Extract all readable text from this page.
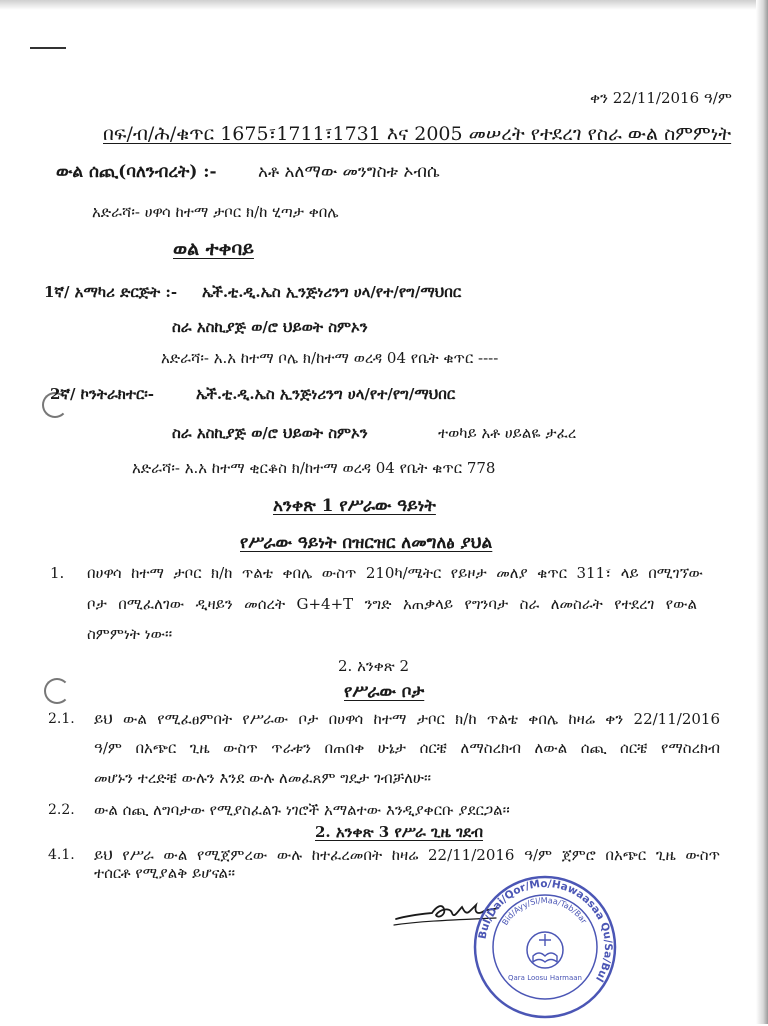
ቀን 22/11/2016 ዓ/ም
በፍ/ብ/ሕ/ቁጥር 1675፣1711፣1731 እና 2005 መሠረት የተደረገ የስራ ውል ስምምነት
ውል ሰጪ(ባለንብረት) :- አቶ አለማው መንግስቱ ኦብሴ
አድራሻ፡- ሀዋሳ ከተማ ታቦር ክ/ከ ሂጣታ ቀበሌ
ወል ተቀባይ
1ኛ/ አማካሪ ድርጅት :- ኤች.ቲ.ዲ.ኤስ ኢንጅነሪንግ ሀላ/የተ/የግ/ማህበር
ስራ አስኪያጅ ወ/ሮ ህይወት ስምኦን
አድራሻ፡- አ.አ ከተማ ቦሌ ክ/ከተማ ወረዳ 04 የቤት ቁጥር ----
2ኛ/ ኮንትራክተር፡-	ኤች.ቲ.ዲ.ኤስ ኢንጅነሪንግ ሀላ/የተ/የግ/ማህበር
ስራ አስኪያጅ ወ/ሮ ህይወት ስምኦን	ተወካይ አቶ ሀይልዬ ታፈረ
አድራሻ፡- አ.አ ከተማ ቂርቆስ ክ/ከተማ ወረዳ 04 የቤት ቁጥር 778
አንቀጽ 1 የሥራው ዓይነት
የሥራው ዓይነት በዝርዝር ለመግለፅ ያህል
1. በሀዋሳ ከተማ ታቦር ክ/ከ ጥልቴ ቀበሌ ውስጥ 210ካ/ሜትር የይዞታ መለያ ቁጥር 311፣ ላይ በሚገኘው
ቦታ በሚፈለገው ዲዛይን መሰረት G+4+T ንግድ አጠቃላይ የግንባታ ስራ ለመስራት የተደረገ የውል
ስምምነት ነው፡፡
2. አንቀጽ 2
የሥራው ቦታ
2.1. ይህ ውል የሚፈፀምበት የሥራው ቦታ በሀዋሳ ከተማ ታቦር ክ/ከ ጥልቴ ቀበሌ ከዛሬ ቀን 22/11/2016
ዓ/ም በአጭር ጊዜ ውስጥ ጥራቱን በጠበቀ ሁኔታ ሰርቼ ለማስረክብ ለውል ሰጪ ሰርቼ የማስረክብ
መሆኑን ተረድቼ ውሉን እንደ ውሉ ለመፈጸም ግዴታ ገብቻለሁ፡፡
2.2. ውል ሰጪ ለግባታው የሚያስፈልጉ ነገሮች አማልተው እንዲያቀርቡ ያደርጋል፡፡
2. አንቀጽ 3 የሥራ ጊዜ ገደብ
4.1. ይህ የሥራ ውል የሚጀምረው ውሉ ከተፈረመበት ከዛሬ 22/11/2016 ዓ/ም ጀምሮ በአጭር ጊዜ ውስጥ
ተሰርቶ የሚያልቅ ይሆናል፡፡
Bul/Dai/Qor/Mo/Hawaasaa Qu/Sa/Bul
Bid/Ayy/Sl/Maa/Tab/Bar
Qara Loosu Harmaan
